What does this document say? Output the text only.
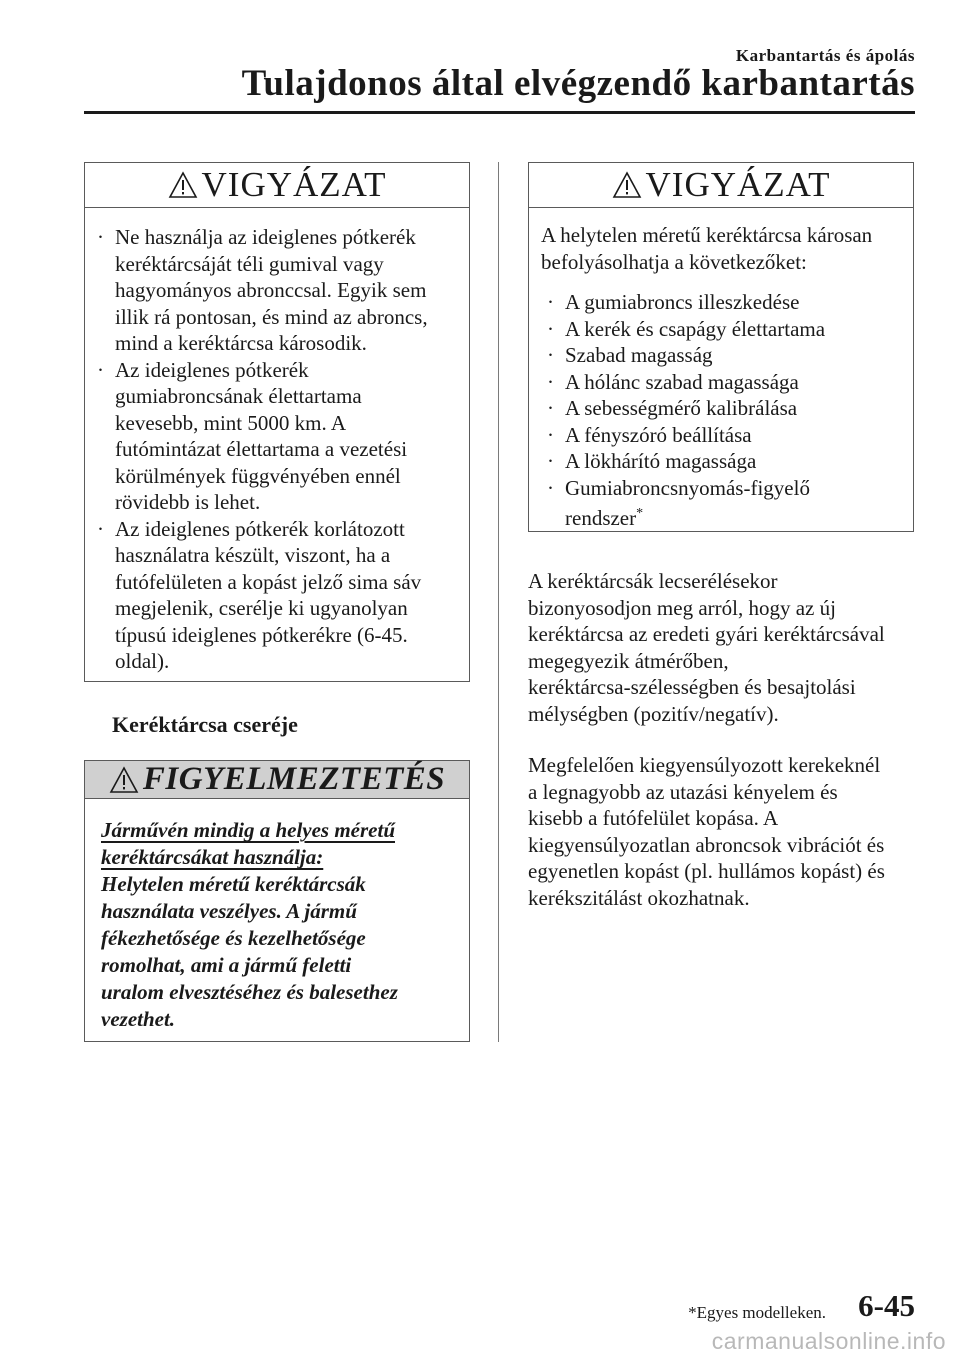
Karbantartás és ápolás
Tulajdonos által elvégzendő karbantartás
VIGYÁZAT
· Ne használja az ideiglenes pótkerék
keréktárcsáját téli gumival vagy
hagyományos abronccsal. Egyik sem
illik rá pontosan, és mind az abroncs,
mind a keréktárcsa károsodik.
· Az ideiglenes pótkerék
gumiabroncsának élettartama
kevesebb, mint 5000 km. A
futómintázat élettartama a vezetési
körülmények függvényében ennél
rövidebb is lehet.
· Az ideiglenes pótkerék korlátozott
használatra készült, viszont, ha a
futófelületen a kopást jelző sima sáv
megjelenik, cserélje ki ugyanolyan
típusú ideiglenes pótkerékre (6-45.
oldal).
Keréktárcsa cseréje
FIGYELMEZTETÉS
Járművén mindig a helyes méretű
keréktárcsákat használja:
Helytelen méretű keréktárcsák
használata veszélyes. A jármű
fékezhetősége és kezelhetősége
romolhat, ami a jármű feletti
uralom elvesztéséhez és balesethez
vezethet.
VIGYÁZAT
A helytelen méretű keréktárcsa károsan
befolyásolhatja a következőket:
· A gumiabroncs illeszkedése
· A kerék és csapágy élettartama
· Szabad magasság
· A hólánc szabad magassága
· A sebességmérő kalibrálása
· A fényszóró beállítása
· A lökhárító magassága
· Gumiabroncsnyomás-figyelő
rendszer*
A keréktárcsák lecserélésekor
bizonyosodjon meg arról, hogy az új
keréktárcsa az eredeti gyári keréktárcsával
megegyezik átmérőben,
keréktárcsa-szélességben és besajtolási
mélységben (pozitív/negatív).
Megfelelően kiegyensúlyozott kerekeknél
a legnagyobb az utazási kényelem és
kisebb a futófelület kopása. A
kiegyensúlyozatlan abroncsok vibrációt és
egyenetlen kopást (pl. hullámos kopást) és
kerékszitálást okozhatnak.
*Egyes modelleken. 6-45
carmanualsonline.info
